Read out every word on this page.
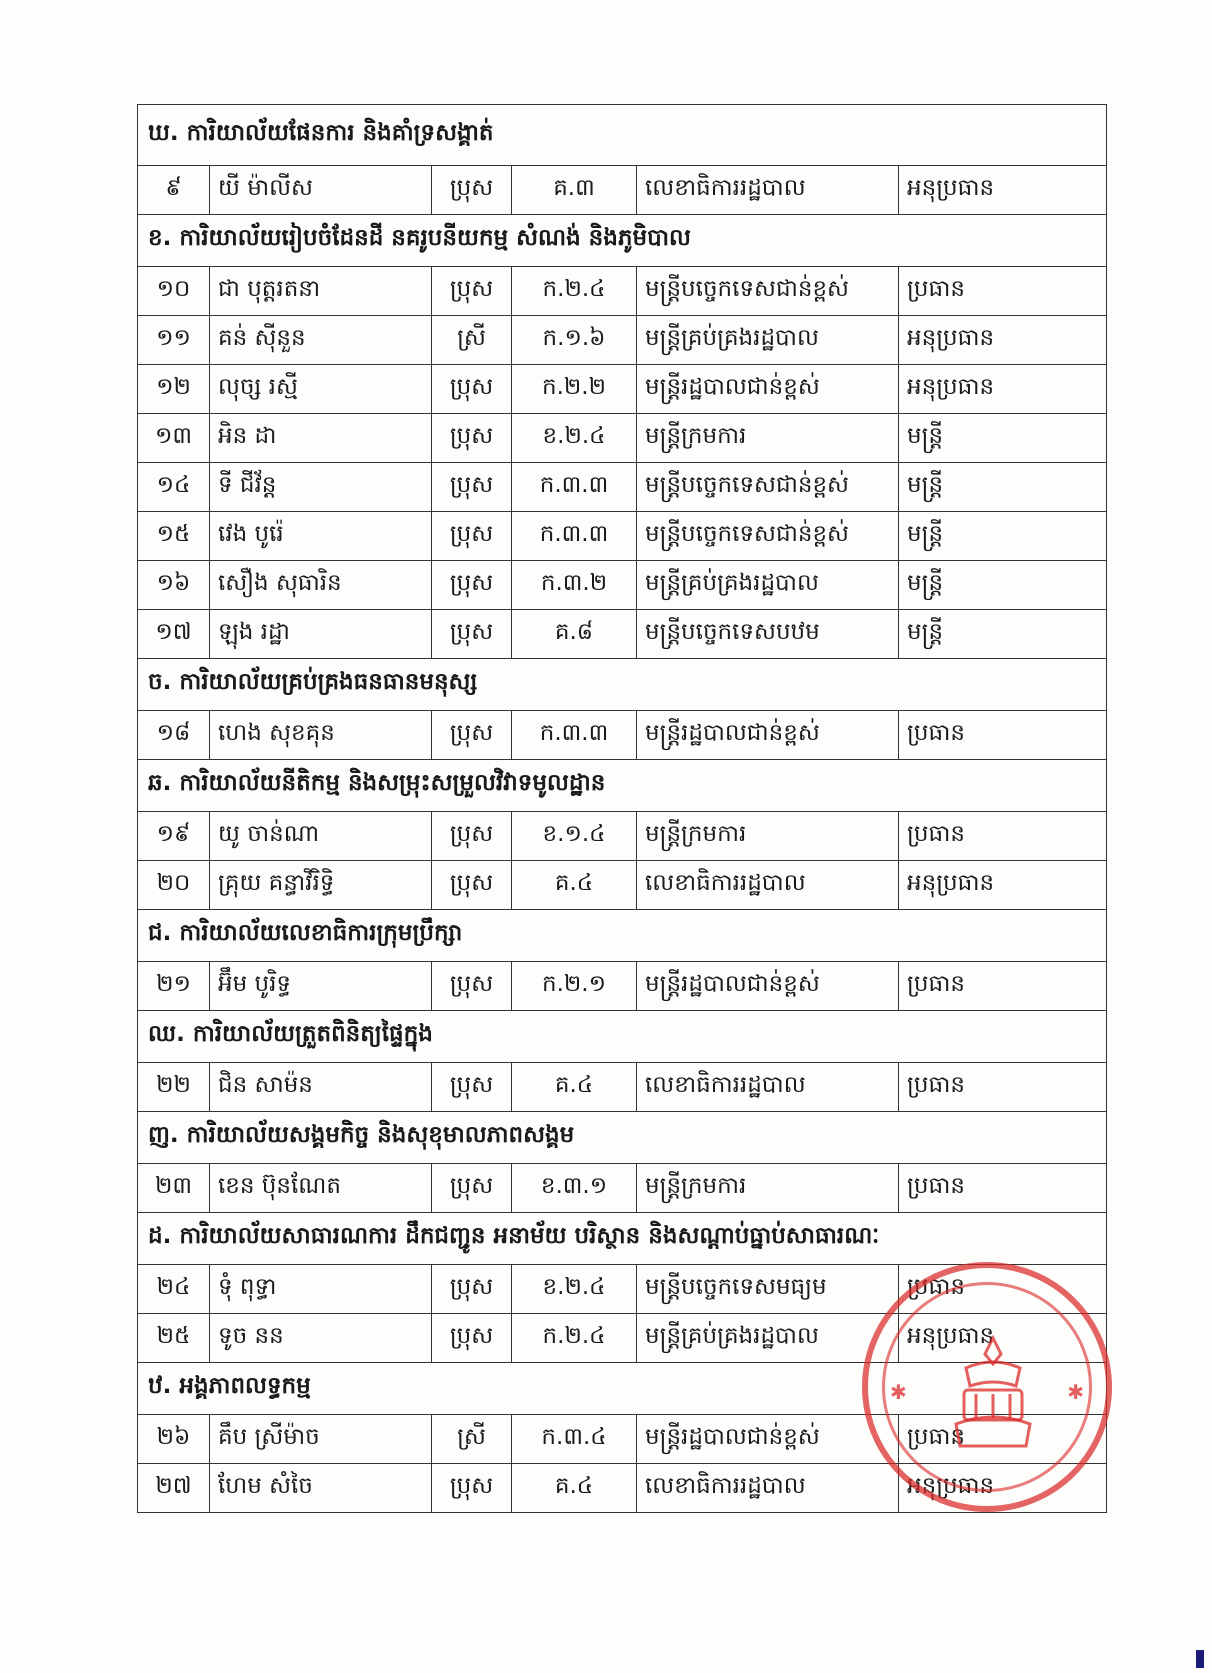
ឃ. ការិយាល័យផែនការ និងគាំទ្រសង្គាត់					
៩	យី ម៉ាលីស	ប្រុស	គ.៣	លេខាធិការរដ្ឋបាល	អនុប្រធាន
ខ. ការិយាល័យរៀបចំដែនដី នគរូបនីយកម្ម សំណង់ និងភូមិបាល					
១០	ជា បុត្តរតនា	ប្រុស	ក.២.៤	មន្ត្រីបច្ចេកទេសជាន់ខ្ពស់	ប្រធាន
១១	គន់ ស៊ីនួន	ស្រី	ក.១.៦	មន្ត្រីគ្រប់គ្រងរដ្ឋបាល	អនុប្រធាន
១២	លុច្ស រស្មី	ប្រុស	ក.២.២	មន្ត្រីរដ្ឋបាលជាន់ខ្ពស់	អនុប្រធាន
១៣	អិន ដា	ប្រុស	ខ.២.៤	មន្ត្រីក្រមការ	មន្ត្រី
១៤	ទី ជីវ័ន្ត	ប្រុស	ក.៣.៣	មន្ត្រីបច្ចេកទេសជាន់ខ្ពស់	មន្ត្រី
១៥	វេង បូរ៉េ	ប្រុស	ក.៣.៣	មន្ត្រីបច្ចេកទេសជាន់ខ្ពស់	មន្ត្រី
១៦	សឿង សុធារិន	ប្រុស	ក.៣.២	មន្ត្រីគ្រប់គ្រងរដ្ឋបាល	មន្ត្រី
១៧	ឡុង រដ្ឋា	ប្រុស	គ.៨	មន្ត្រីបច្ចេកទេសបឋម	មន្ត្រី
ច. ការិយាល័យគ្រប់គ្រងធនធានមនុស្ស					
១៨	ហេង សុខគុន	ប្រុស	ក.៣.៣	មន្ត្រីរដ្ឋបាលជាន់ខ្ពស់	ប្រធាន
ឆ. ការិយាល័យនីតិកម្ម និងសម្រុះសម្រួលវិវាទមូលដ្ឋាន					
១៩	យូ ចាន់ណា	ប្រុស	ខ.១.៤	មន្ត្រីក្រមការ	ប្រធាន
២០	គ្រុយ គន្ធាវិរិទ្ធិ	ប្រុស	គ.៤	លេខាធិការរដ្ឋបាល	អនុប្រធាន
ជ. ការិយាល័យលេខាធិការក្រុមប្រឹក្សា					
២១	អ៊ឹម បូរិទ្ធ	ប្រុស	ក.២.១	មន្ត្រីរដ្ឋបាលជាន់ខ្ពស់	ប្រធាន
ឈ. ការិយាល័យត្រួតពិនិត្យផ្ទៃក្នុង					
២២	ជិន សាម៉ន	ប្រុស	គ.៤	លេខាធិការរដ្ឋបាល	ប្រធាន
ញ. ការិយាល័យសង្គមកិច្ច និងសុខុមាលភាពសង្គម					
២៣	ខេន ប៊ុនណែត	ប្រុស	ខ.៣.១	មន្ត្រីក្រមការ	ប្រធាន
ដ. ការិយាល័យសាធារណការ ដឹកជញ្ជូន អនាម័យ បរិស្ថាន និងសណ្ដាប់ធ្នាប់សាធារណៈ					
២៤	ទុំ ពុទ្ធា	ប្រុស	ខ.២.៤	មន្ត្រីបច្ចេកទេសមធ្យម	ប្រធាន
២៥	ទូច នន	ប្រុស	ក.២.៤	មន្ត្រីគ្រប់គ្រងរដ្ឋបាល	អនុប្រធាន
ឋ. អង្គភាពលទ្ធកម្ម					
២៦	គឹប ស្រីម៉ាច	ស្រី	ក.៣.៤	មន្ត្រីរដ្ឋបាលជាន់ខ្ពស់	ប្រធាន
២៧	ហែម សំចៃ	ប្រុស	គ.៤	លេខាធិការរដ្ឋបាល	អនុប្រធាន
✱	✱
